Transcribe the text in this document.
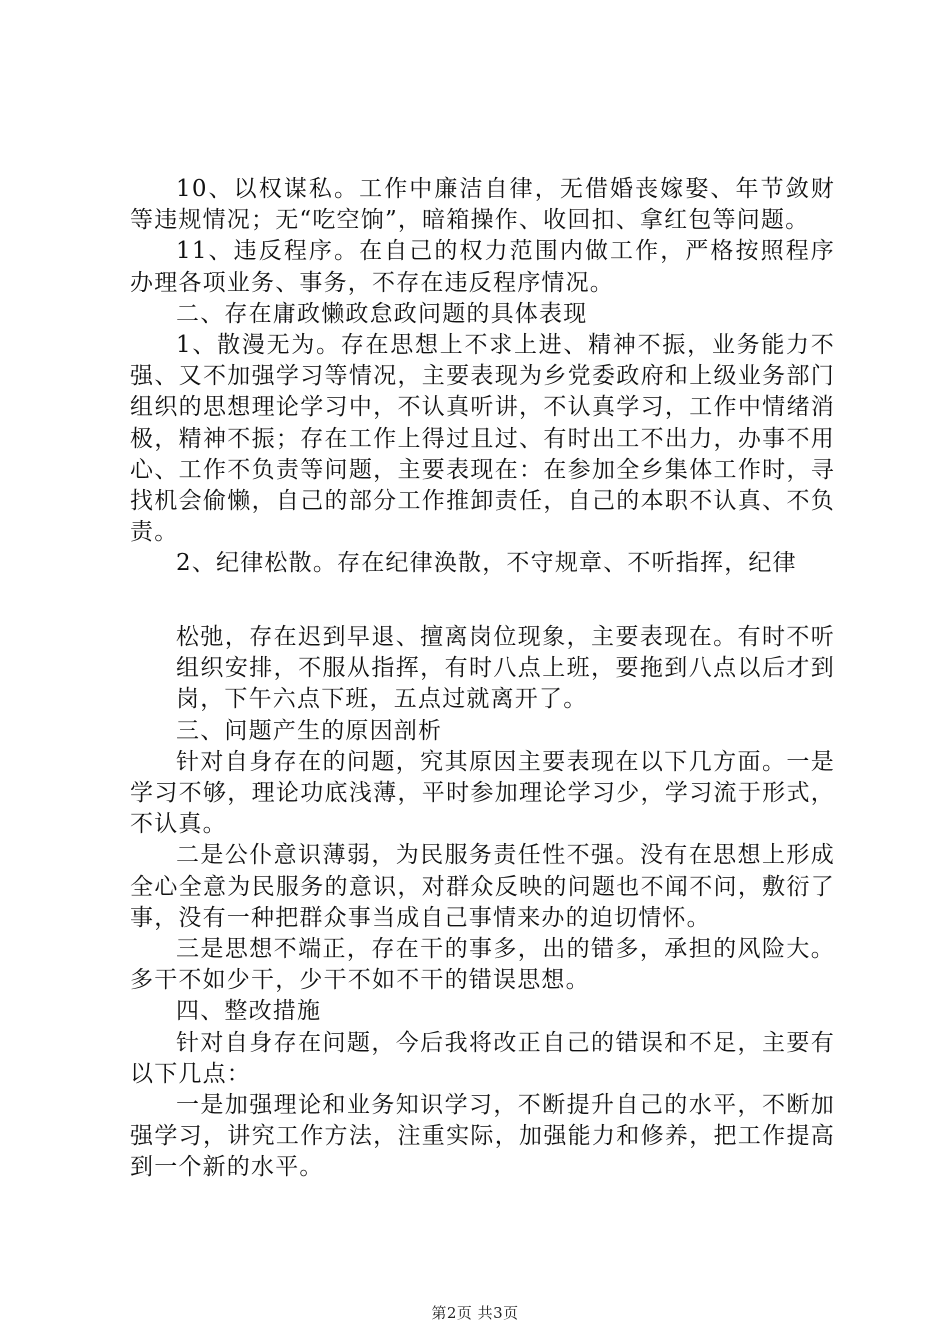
10、以权谋私。工作中廉洁自律，无借婚丧嫁娶、年节敛财等违规情况；无“吃空饷”，暗箱操作、收回扣、拿红包等问题。

11、违反程序。在自己的权力范围内做工作，严格按照程序办理各项业务、事务，不存在违反程序情况。

二、存在庸政懒政怠政问题的具体表现

1、散漫无为。存在思想上不求上进、精神不振，业务能力不强、又不加强学习等情况，主要表现为乡党委政府和上级业务部门组织的思想理论学习中，不认真听讲，不认真学习，工作中情绪消极，精神不振；存在工作上得过且过、有时出工不出力，办事不用心、工作不负责等问题，主要表现在：在参加全乡集体工作时，寻找机会偷懒，自己的部分工作推卸责任，自己的本职不认真、不负责。

2、纪律松散。存在纪律涣散，不守规章、不听指挥，纪律

松弛，存在迟到早退、擅离岗位现象，主要表现在。有时不听组织安排，不服从指挥，有时八点上班，要拖到八点以后才到岗，下午六点下班，五点过就离开了。

三、问题产生的原因剖析

针对自身存在的问题，究其原因主要表现在以下几方面。一是学习不够，理论功底浅薄，平时参加理论学习少，学习流于形式，不认真。

二是公仆意识薄弱，为民服务责任性不强。没有在思想上形成全心全意为民服务的意识，对群众反映的问题也不闻不问，敷衍了事，没有一种把群众事当成自己事情来办的迫切情怀。

三是思想不端正，存在干的事多，出的错多，承担的风险大。多干不如少干，少干不如不干的错误思想。

四、整改措施

针对自身存在问题，今后我将改正自己的错误和不足，主要有以下几点：

一是加强理论和业务知识学习，不断提升自己的水平，不断加强学习，讲究工作方法，注重实际，加强能力和修养，把工作提高到一个新的水平。

第2页 共3页
